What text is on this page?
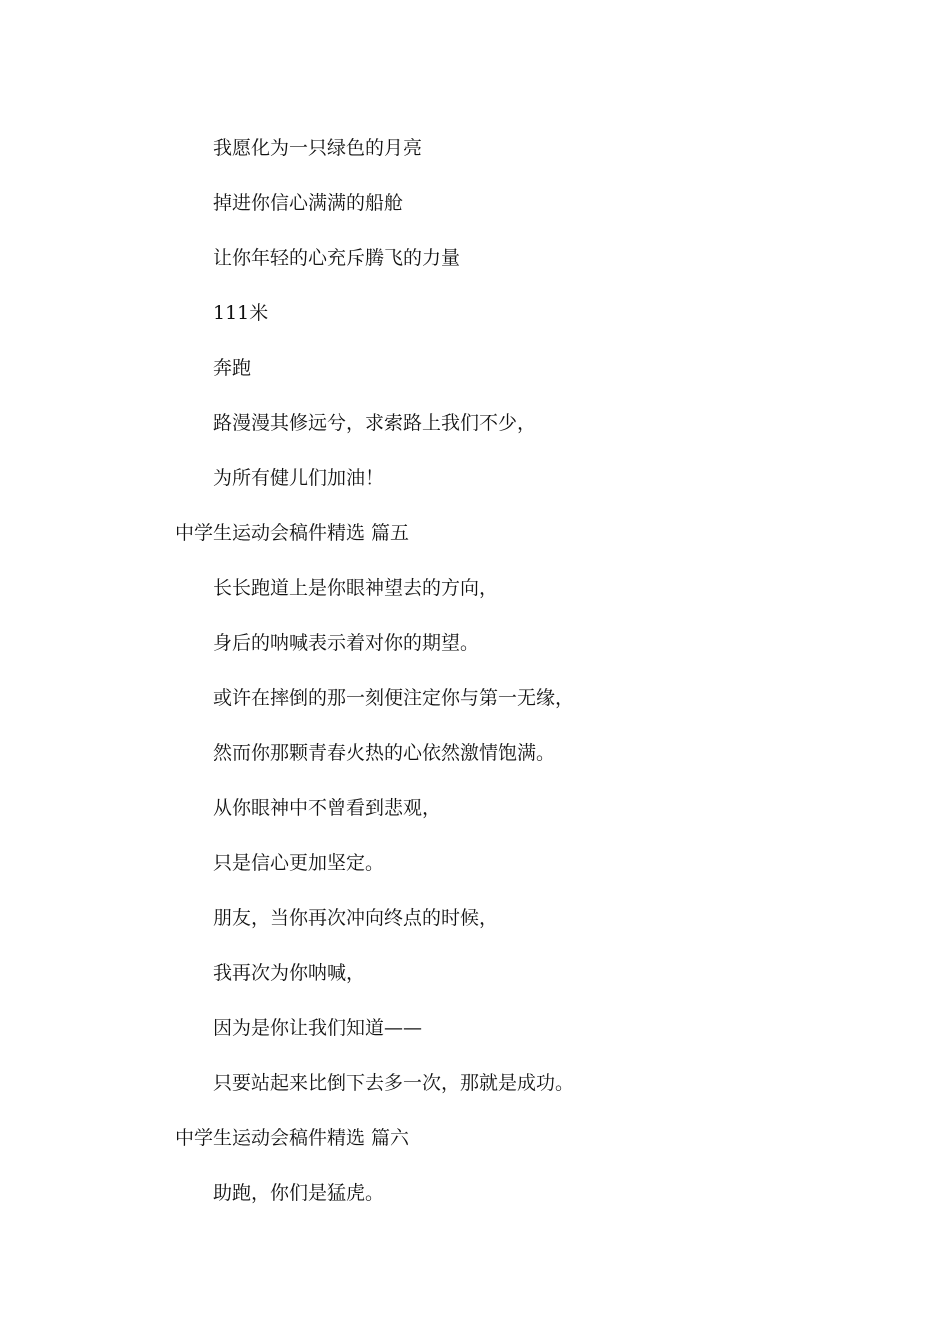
我愿化为一只绿色的月亮
掉进你信心满满的船舱
让你年轻的心充斥腾飞的力量
111米
奔跑
路漫漫其修远兮，求索路上我们不少，
为所有健儿们加油！
中学生运动会稿件精选 篇五
长长跑道上是你眼神望去的方向，
身后的呐喊表示着对你的期望。
或许在摔倒的那一刻便注定你与第一无缘，
然而你那颗青春火热的心依然激情饱满。
从你眼神中不曾看到悲观，
只是信心更加坚定。
朋友，当你再次冲向终点的时候，
我再次为你呐喊，
因为是你让我们知道——
只要站起来比倒下去多一次，那就是成功。
中学生运动会稿件精选 篇六
助跑，你们是猛虎。
